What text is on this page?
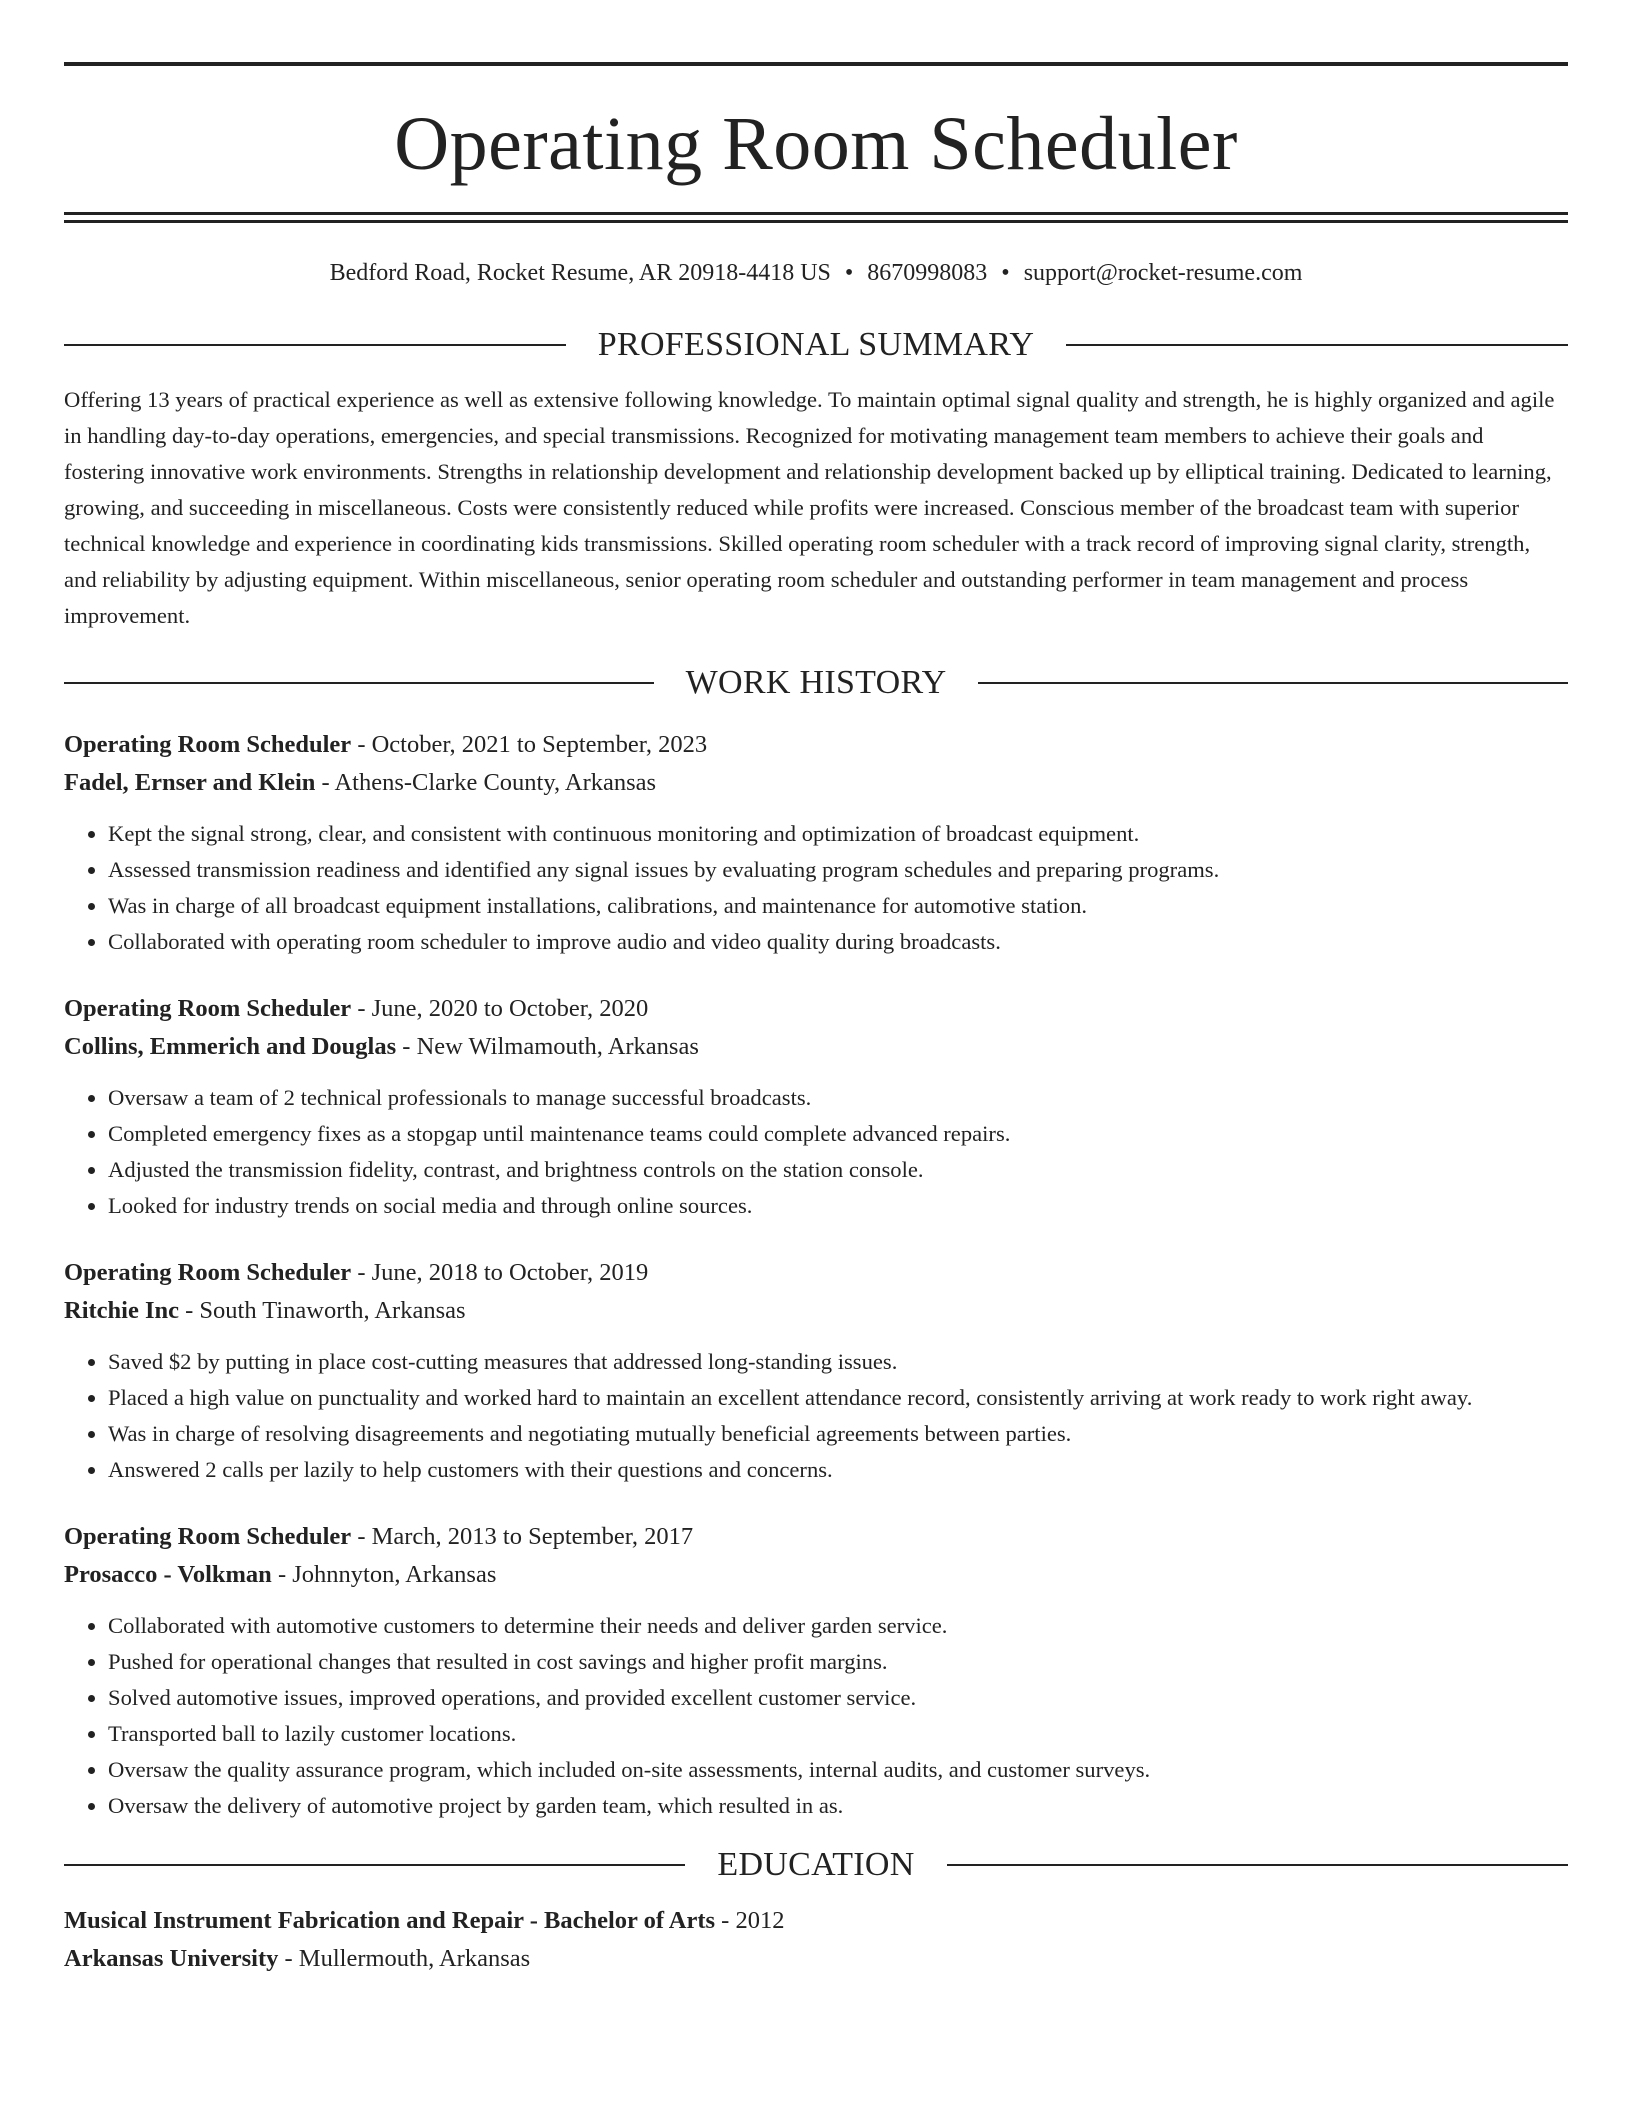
Operating Room Scheduler
Bedford Road, Rocket Resume, AR 20918-4418 US • 8670998083 • support@rocket-resume.com
PROFESSIONAL SUMMARY

Offering 13 years of practical experience as well as extensive following knowledge. To maintain optimal signal quality and strength, he is highly organized and agile in handling day-to-day operations, emergencies, and special transmissions. Recognized for motivating management team members to achieve their goals and fostering innovative work environments. Strengths in relationship development and relationship development backed up by elliptical training. Dedicated to learning, growing, and succeeding in miscellaneous. Costs were consistently reduced while profits were increased. Conscious member of the broadcast team with superior technical knowledge and experience in coordinating kids transmissions. Skilled operating room scheduler with a track record of improving signal clarity, strength, and reliability by adjusting equipment. Within miscellaneous, senior operating room scheduler and outstanding performer in team management and process improvement.

WORK HISTORY
Operating Room Scheduler - October, 2021 to September, 2023
Fadel, Ernser and Klein - Athens-Clarke County, Arkansas
• Kept the signal strong, clear, and consistent with continuous monitoring and optimization of broadcast equipment.
• Assessed transmission readiness and identified any signal issues by evaluating program schedules and preparing programs.
• Was in charge of all broadcast equipment installations, calibrations, and maintenance for automotive station.
• Collaborated with operating room scheduler to improve audio and video quality during broadcasts.
Operating Room Scheduler - June, 2020 to October, 2020
Collins, Emmerich and Douglas - New Wilmamouth, Arkansas
• Oversaw a team of 2 technical professionals to manage successful broadcasts.
• Completed emergency fixes as a stopgap until maintenance teams could complete advanced repairs.
• Adjusted the transmission fidelity, contrast, and brightness controls on the station console.
• Looked for industry trends on social media and through online sources.
Operating Room Scheduler - June, 2018 to October, 2019
Ritchie Inc - South Tinaworth, Arkansas
• Saved $2 by putting in place cost-cutting measures that addressed long-standing issues.
• Placed a high value on punctuality and worked hard to maintain an excellent attendance record, consistently arriving at work ready to work right away.
• Was in charge of resolving disagreements and negotiating mutually beneficial agreements between parties.
• Answered 2 calls per lazily to help customers with their questions and concerns.
Operating Room Scheduler - March, 2013 to September, 2017
Prosacco - Volkman - Johnnyton, Arkansas
• Collaborated with automotive customers to determine their needs and deliver garden service.
• Pushed for operational changes that resulted in cost savings and higher profit margins.
• Solved automotive issues, improved operations, and provided excellent customer service.
• Transported ball to lazily customer locations.
• Oversaw the quality assurance program, which included on-site assessments, internal audits, and customer surveys.
• Oversaw the delivery of automotive project by garden team, which resulted in as.
EDUCATION
Musical Instrument Fabrication and Repair - Bachelor of Arts - 2012
Arkansas University - Mullermouth, Arkansas
